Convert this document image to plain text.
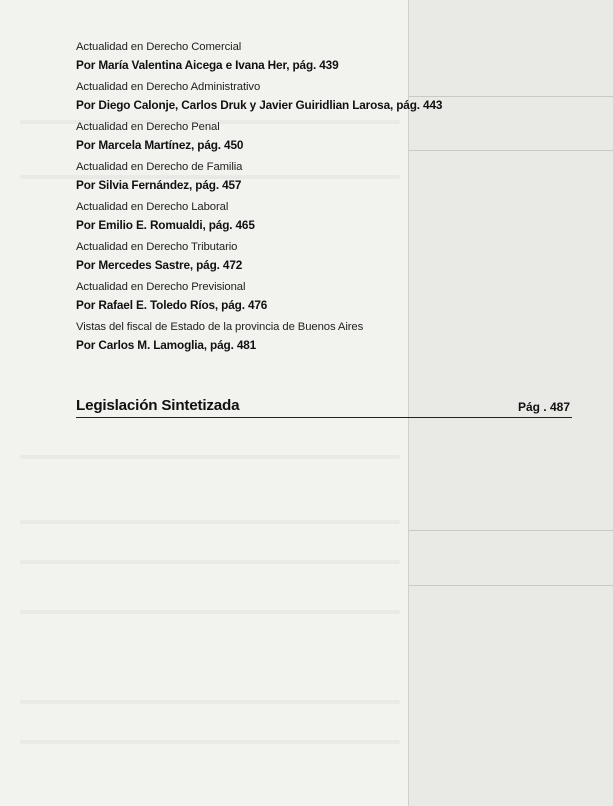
Actualidad en Derecho Comercial
Por María Valentina Aicega e Ivana Her, pág. 439
Actualidad en Derecho Administrativo
Por Diego Calonje, Carlos Druk y Javier Guiridlian Larosa, pág. 443
Actualidad en Derecho Penal
Por Marcela Martínez, pág. 450
Actualidad en Derecho de Familia
Por Silvia Fernández, pág. 457
Actualidad en Derecho Laboral
Por Emilio E. Romualdi, pág. 465
Actualidad en Derecho Tributario
Por Mercedes Sastre, pág. 472
Actualidad en Derecho Previsional
Por Rafael E. Toledo Ríos, pág. 476
Vistas del fiscal de Estado de la provincia de Buenos Aires
Por Carlos M. Lamoglia, pág. 481
Legislación Sintetizada	Pág . 487
